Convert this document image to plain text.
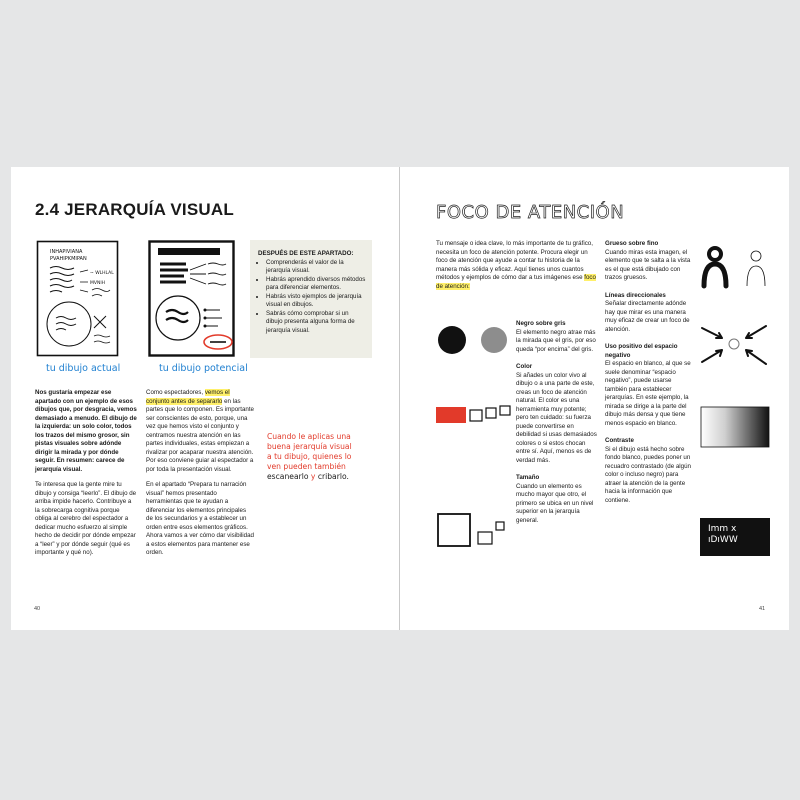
2.4 JERARQUÍA VISUAL
INHAPIVIANA
PVAHIPKMIPAN
~ WLHLAL
MVNIH
tu dibujo actual	tu dibujo potencial
DESPUÉS DE ESTE APARTADO:
• Comprenderás el valor de la jerarquía visual.
• Habrás aprendido diversos métodos para diferenciar elementos.
• Habrás visto ejemplos de jerarquía visual en dibujos.
• Sabrás cómo comprobar si un dibujo presenta alguna forma de jerarquía visual.
Nos gustaría empezar ese apartado con un ejemplo de esos dibujos que, por desgracia, vemos demasiado a menudo. El dibujo de la izquierda: un solo color, todos los trazos del mismo grosor, sin pistas visuales sobre adónde dirigir la mirada y por dónde seguir. En resumen: carece de jerarquía visual.
Te interesa que la gente mire tu dibujo y consiga “leerlo”. El dibujo de arriba impide hacerlo. Contribuye a la sobrecarga cognitiva porque obliga al cerebro del espectador a dedicar mucho esfuerzo al simple hecho de decidir por dónde empezar a “leer” y por dónde seguir (qué es importante y qué no).
Como espectadores, vemos el conjunto antes de separarlo en las partes que lo componen. Es importante ser conscientes de esto, porque, una vez que hemos visto el conjunto y centramos nuestra atención en las partes individuales, estas empiezan a rivalizar por acaparar nuestra atención. Por eso conviene guiar al espectador a por toda la presentación visual.
En el apartado “Prepara tu narración visual” hemos presentado herramientas que te ayudan a diferenciar los elementos principales de los secundarios y a establecer un orden entre esos elementos gráficos. Ahora vamos a ver cómo dar visibilidad a estos elementos para mantener ese orden.
Cuando le aplicas una buena jerarquía visual a tu dibujo, quienes lo ven pueden también escanearlo y cribarlo.
40
FOCO DE ATENCIÓN
Tu mensaje o idea clave, lo más importante de tu gráfico, necesita un foco de atención potente. Procura elegir un foco de atención que ayude a contar tu historia de la manera más sólida y eficaz. Aquí tienes unos cuantos métodos y ejemplos de cómo dar a tus imágenes ese foco de atención:
Negro sobre gris
El elemento negro atrae más la mirada que el gris, por eso queda “por encima” del gris.
Color
Si añades un color vivo al dibujo o a una parte de este, creas un foco de atención natural. El color es una herramienta muy potente; pero ten cuidado: su fuerza puede convertirse en debilidad si usas demasiados colores o si estos chocan entre sí. Aquí, menos es de verdad más.
Tamaño
Cuando un elemento es mucho mayor que otro, el primero se ubica en un nivel superior en la jerarquía general.
Grueso sobre fino
Cuando miras esta imagen, el elemento que te salta a la vista es el que está dibujado con trazos gruesos.
Líneas direccionales
Señalar directamente adónde hay que mirar es una manera muy eficaz de crear un foco de atención.
Uso positivo del espacio negativo
El espacio en blanco, al que se suele denominar “espacio negativo”, puede usarse también para establecer jerarquías. En este ejemplo, la mirada se dirige a la parte del dibujo más densa y que tiene menos espacio en blanco.
Contraste
Si el dibujo está hecho sobre fondo blanco, puedes poner un recuadro contrastado (de algún color o incluso negro) para atraer la atención de la gente hacia la información que contiene.
Imm x
ıDıWW
41
